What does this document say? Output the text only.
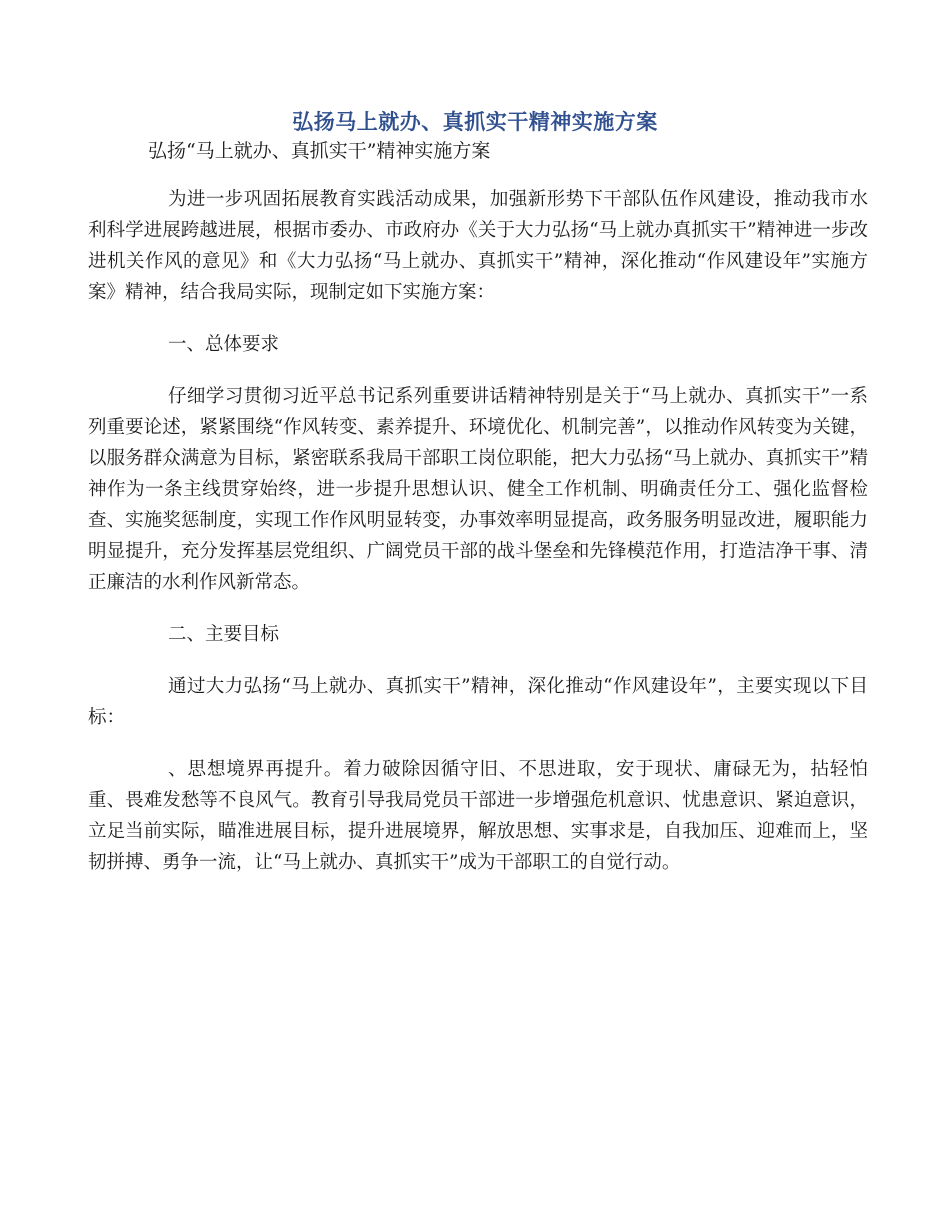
弘扬马上就办、真抓实干精神实施方案
弘扬“马上就办、真抓实干”精神实施方案

为进一步巩固拓展教育实践活动成果，加强新形势下干部队伍作风建设，推动我市水利科学进展跨越进展，根据市委办、市政府办《关于大力弘扬“马上就办真抓实干”精神进一步改进机关作风的意见》和《大力弘扬“马上就办、真抓实干”精神，深化推动“作风建设年”实施方案》精神，结合我局实际，现制定如下实施方案：

一、总体要求

仔细学习贯彻习近平总书记系列重要讲话精神特别是关于“马上就办、真抓实干”一系列重要论述，紧紧围绕“作风转变、素养提升、环境优化、机制完善”，以推动作风转变为关键，以服务群众满意为目标，紧密联系我局干部职工岗位职能，把大力弘扬“马上就办、真抓实干”精神作为一条主线贯穿始终，进一步提升思想认识、健全工作机制、明确责任分工、强化监督检查、实施奖惩制度，实现工作作风明显转变，办事效率明显提高，政务服务明显改进，履职能力明显提升，充分发挥基层党组织、广阔党员干部的战斗堡垒和先锋模范作用，打造洁净干事、清正廉洁的水利作风新常态。

二、主要目标

通过大力弘扬“马上就办、真抓实干”精神，深化推动“作风建设年”，主要实现以下目标：

、思想境界再提升。着力破除因循守旧、不思进取，安于现状、庸碌无为，拈轻怕重、畏难发愁等不良风气。教育引导我局党员干部进一步增强危机意识、忧患意识、紧迫意识，立足当前实际，瞄准进展目标，提升进展境界，解放思想、实事求是，自我加压、迎难而上，坚韧拼搏、勇争一流，让“马上就办、真抓实干”成为干部职工的自觉行动。
